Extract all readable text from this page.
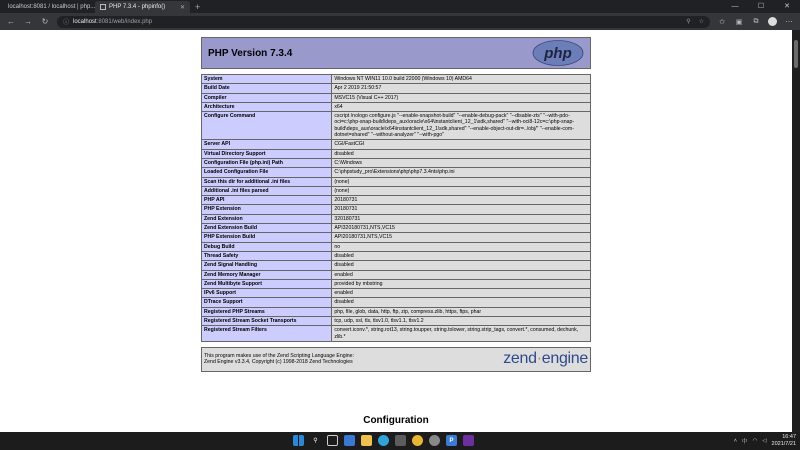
localhost:8081 / localhost | php... PHP 7.3.4 - phpinfo()	✕	+	—	☐	✕
← → ↻ ⓘ localhost:8081/web/index.php	⚲ ☆ ✩ ▣	⧉	⋯
PHP Version 7.3.4	php
System	Windows NT WIN11 10.0 build 22000 (Windows 10) AMD64
Build Date	Apr 2 2019 21:50:57
Compiler	MSVC15 (Visual C++ 2017)
Architecture	x64
Configure Command	cscript /nologo configure.js "--enable-snapshot-build" "--enable-debug-pack" "--disable-zts" "--with-pdo-oci=c:\php-snap-build\deps_aux\oracle\x64\instantclient_12_1\sdk,shared" "--with-oci8-12c=c:\php-snap-build\deps_aux\oracle\x64\instantclient_12_1\sdk,shared" "--enable-object-out-dir=../obj/" "--enable-com-dotnet=shared" "--without-analyzer" "--with-pgo"
Server API	CGI/FastCGI
Virtual Directory Support	disabled
Configuration File (php.ini) Path	C:\Windows
Loaded Configuration File	C:\phpstudy_pro\Extensions\php\php7.3.4nts\php.ini
Scan this dir for additional .ini files	(none)
Additional .ini files parsed	(none)
PHP API	20180731
PHP Extension	20180731
Zend Extension	320180731
Zend Extension Build	API320180731,NTS,VC15
PHP Extension Build	API20180731,NTS,VC15
Debug Build	no
Thread Safety	disabled
Zend Signal Handling	disabled
Zend Memory Manager	enabled
Zend Multibyte Support	provided by mbstring
IPv6 Support	enabled
DTrace Support	disabled
Registered PHP Streams	php, file, glob, data, http, ftp, zip, compress.zlib, https, ftps, phar
Registered Stream Socket Transports	tcp, udp, ssl, tls, tlsv1.0, tlsv1.1, tlsv1.2
Registered Stream Filters	convert.iconv.*, string.rot13, string.toupper, string.tolower, string.strip_tags, convert.*, consumed, dechunk, zlib.*
This program makes use of the Zend Scripting Language Engine:
Zend Engine v3.3.4, Copyright (c) 1998-2018 Zend Technologies	zend·engine
Configuration
⚲	P	˄ 中 ◠ ◁
16:47
2021/7/21
